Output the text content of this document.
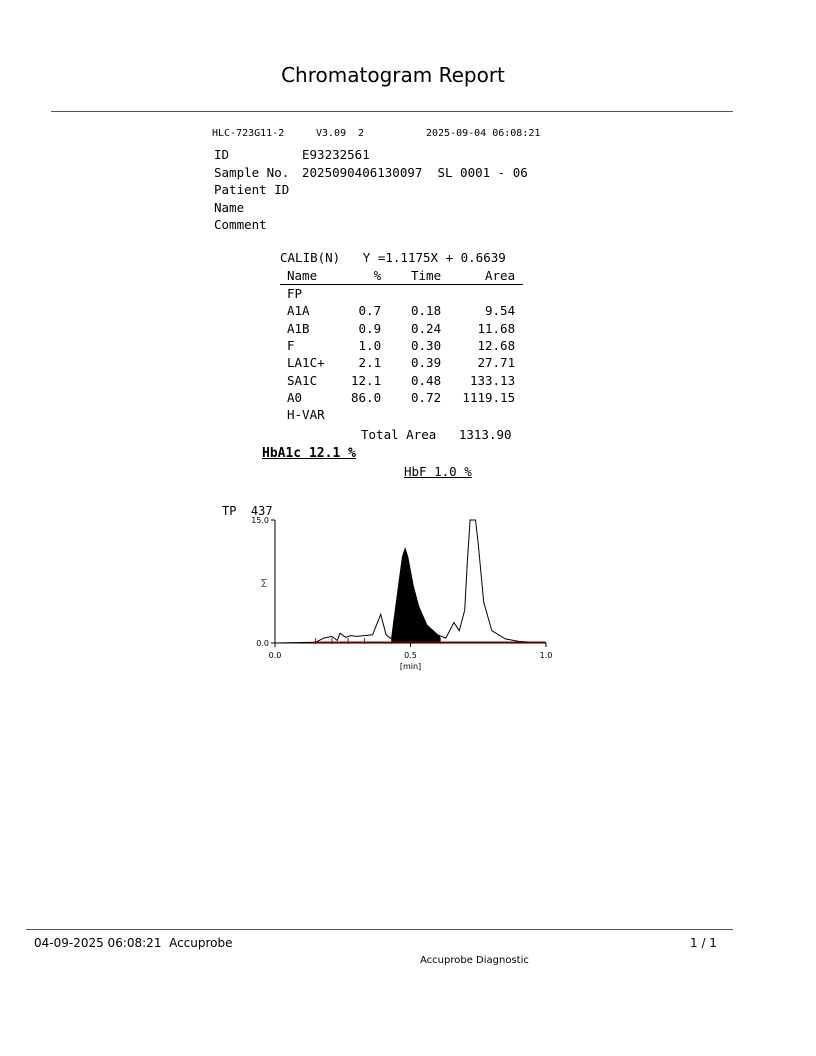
Chromatogram Report
HLC-723G11-2	V3.09 2	2025-09-04 06:08:21
ID	E93232561
Sample No. 2025090406130097  SL 0001 - 06
Patient ID
Name
Comment
CALIB(N) Y =1.1175X + 0.6639
Name	%	Time	Area
FP			
A1A	0.7	0.18	9.54
A1B	0.9	0.24	11.68
F	1.0	0.30	12.68
LA1C+	2.1	0.39	27.71
SA1C	12.1	0.48	133.13
A0	86.0	0.72	1119.15
H-VAR			
Total Area 1313.90
HbA1c 12.1 %
HbF 1.0 %
TP 437
0.0
15.0
0.0	0.5	1.0
[min]
Σ
04-09-2025 06:08:21  Accuprobe	1 / 1
Accuprobe Diagnostic
